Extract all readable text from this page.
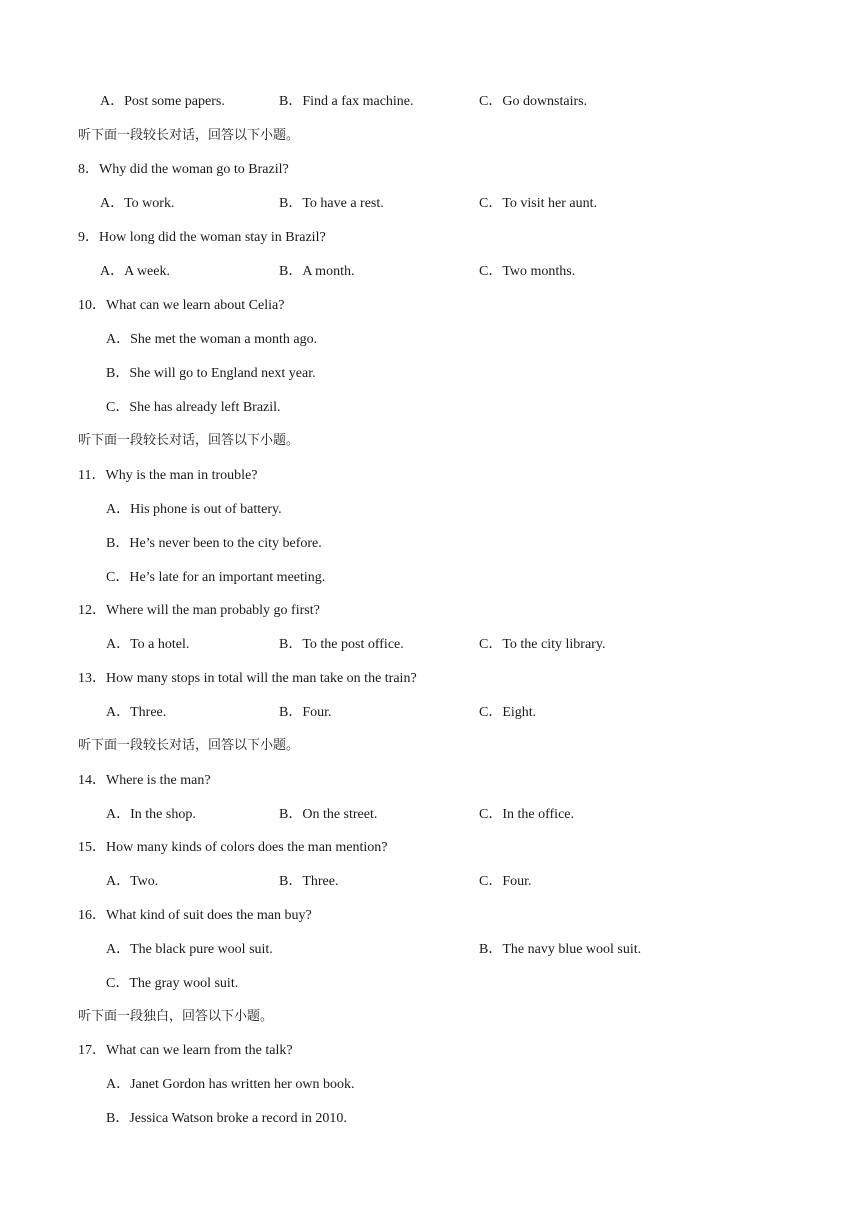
A．Post some papers.	B．Find a fax machine.	C．Go downstairs.
听下面一段较长对话，回答以下小题。
8．Why did the woman go to Brazil?
A．To work.	B．To have a rest.	C．To visit her aunt.
9．How long did the woman stay in Brazil?
A．A week.	B．A month.	C．Two months.
10．What can we learn about Celia?
A．She met the woman a month ago.
B．She will go to England next year.
C．She has already left Brazil.
听下面一段较长对话，回答以下小题。
11．Why is the man in trouble?
A．His phone is out of battery.
B．He’s never been to the city before.
C．He’s late for an important meeting.
12．Where will the man probably go first?
A．To a hotel.	B．To the post office.	C．To the city library.
13．How many stops in total will the man take on the train?
A．Three.	B．Four.	C．Eight.
听下面一段较长对话，回答以下小题。
14．Where is the man?
A．In the shop.	B．On the street.	C．In the office.
15．How many kinds of colors does the man mention?
A．Two.	B．Three.	C．Four.
16．What kind of suit does the man buy?
A．The black pure wool suit.	B．The navy blue wool suit.
C．The gray wool suit.
听下面一段独白，回答以下小题。
17．What can we learn from the talk?
A．Janet Gordon has written her own book.
B．Jessica Watson broke a record in 2010.
